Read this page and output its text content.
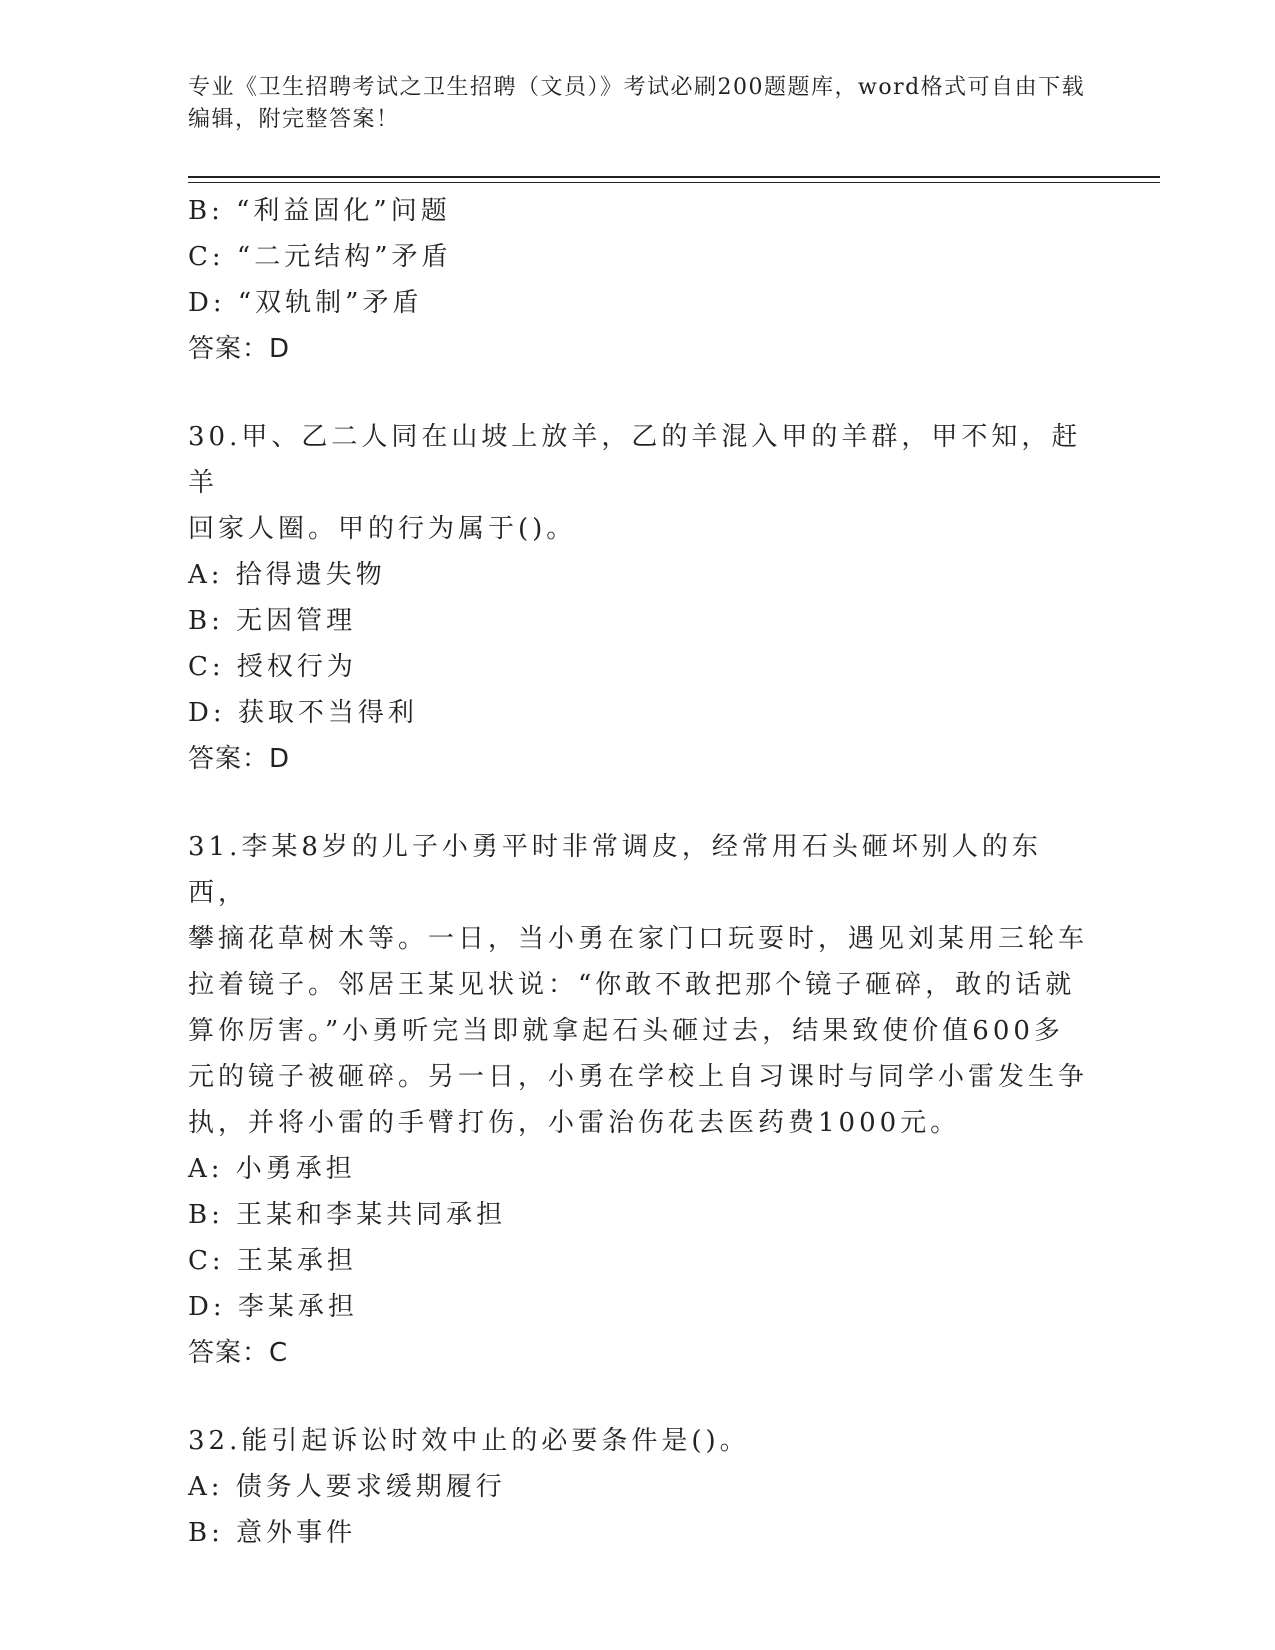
专业《卫生招聘考试之卫生招聘（文员）》考试必刷200题题库，word格式可自由下载编辑，附完整答案！
B: “利益固化”问题
C: “二元结构”矛盾
D: “双轨制”矛盾
答案：D
30.甲、乙二人同在山坡上放羊，乙的羊混入甲的羊群，甲不知，赶羊
回家人圈。甲的行为属于()。
A: 拾得遗失物
B: 无因管理
C: 授权行为
D: 获取不当得利
答案：D
31.李某8岁的儿子小勇平时非常调皮，经常用石头砸坏别人的东西，
攀摘花草树木等。一日，当小勇在家门口玩耍时，遇见刘某用三轮车
拉着镜子。邻居王某见状说：“你敢不敢把那个镜子砸碎，敢的话就
算你厉害。”小勇听完当即就拿起石头砸过去，结果致使价值600多
元的镜子被砸碎。另一日，小勇在学校上自习课时与同学小雷发生争
执，并将小雷的手臂打伤，小雷治伤花去医药费1000元。
A: 小勇承担
B: 王某和李某共同承担
C: 王某承担
D: 李某承担
答案：C
32.能引起诉讼时效中止的必要条件是()。
A: 债务人要求缓期履行
B: 意外事件
